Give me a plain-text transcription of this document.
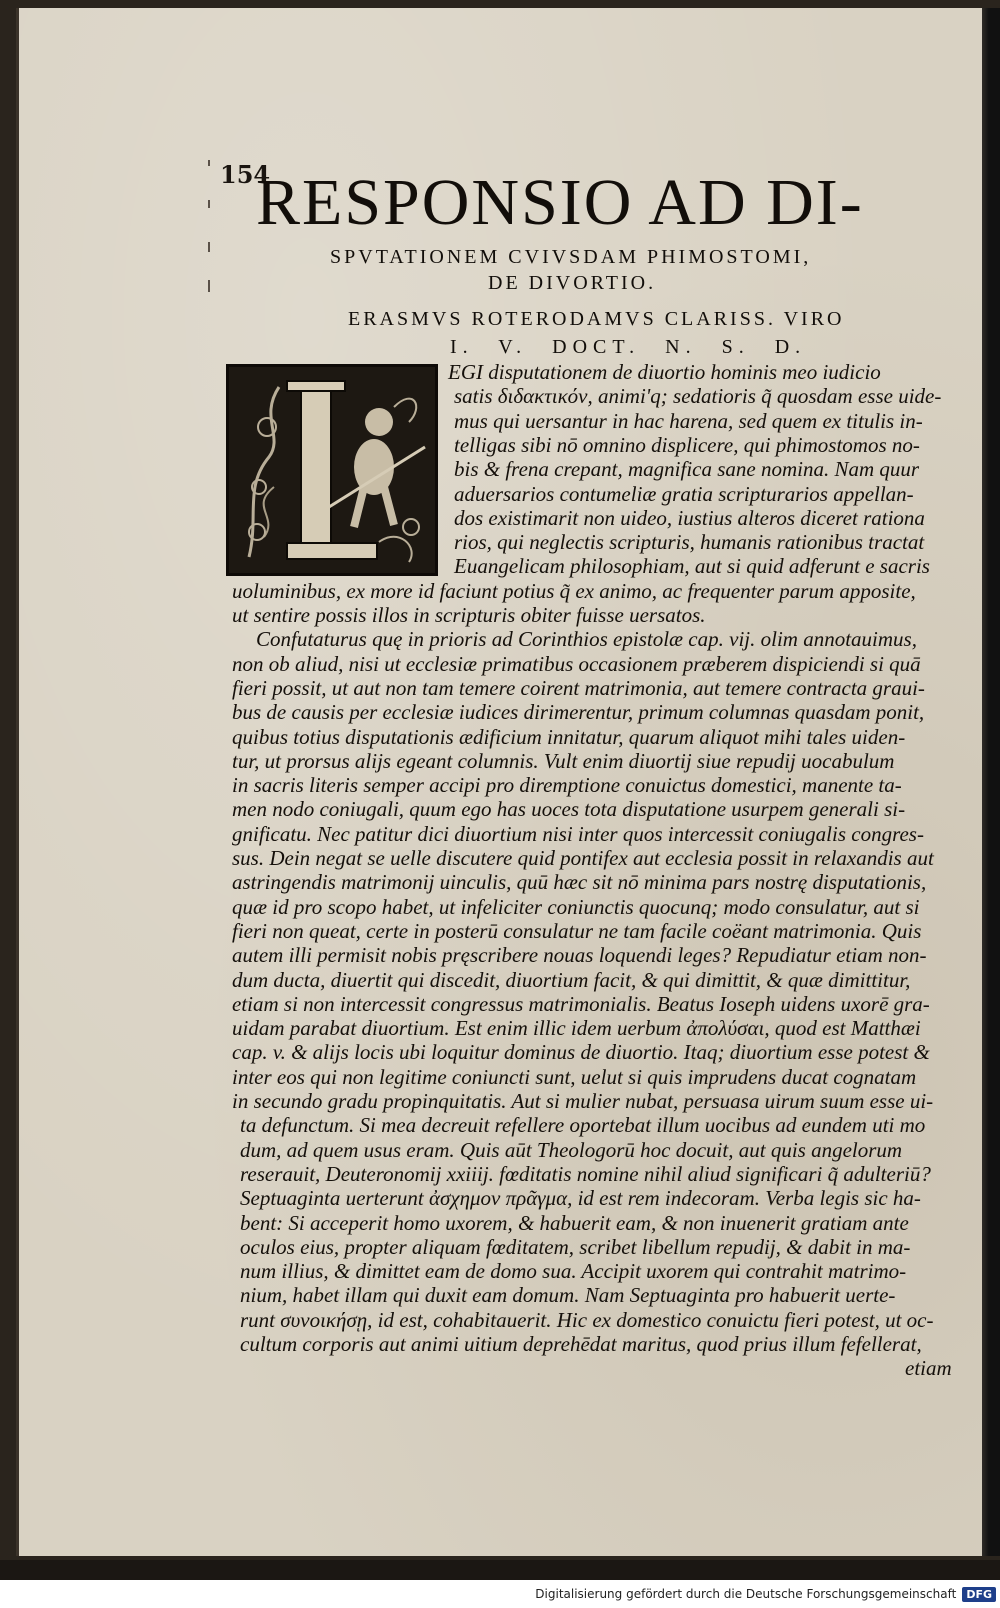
154
RESPONSIO AD DI-
SPVTATIONEM CVIVSDAM PHIMOSTOMI,
DE DIVORTIO.
ERASMVS ROTERODAMVS CLARISS. VIRO
I. V. DOCT. N. S. D.
EGI disputationem de diuortio hominis meo iudicio
satis διδακτικόν, animi'q; sedatioris q̃ quosdam esse uide-
mus qui uersantur in hac harena, sed quem ex titulis in-
telligas sibi nō omnino displicere, qui phimostomos no-
bis & frena crepant, magnifica sane nomina. Nam quur
aduersarios contumeliæ gratia scripturarios appellan-
dos existimarit non uideo, iustius alteros diceret rationa
rios, qui neglectis scripturis, humanis rationibus tractat
Euangelicam philosophiam, aut si quid adferunt e sacris
uoluminibus, ex more id faciunt potius q̃ ex animo, ac frequenter parum apposite,
ut sentire possis illos in scripturis obiter fuisse uersatos.
Confutaturus quę in prioris ad Corinthios epistolæ cap. vij. olim annotauimus,
non ob aliud, nisi ut ecclesiæ primatibus occasionem præberem dispiciendi si quā
fieri possit, ut aut non tam temere coirent matrimonia, aut temere contracta graui-
bus de causis per ecclesiæ iudices dirimerentur, primum columnas quasdam ponit,
quibus totius disputationis ædificium innitatur, quarum aliquot mihi tales uiden-
tur, ut prorsus alijs egeant columnis. Vult enim diuortij siue repudij uocabulum
in sacris literis semper accipi pro diremptione conuictus domestici, manente ta-
men nodo coniugali, quum ego has uoces tota disputatione usurpem generali si-
gnificatu. Nec patitur dici diuortium nisi inter quos intercessit coniugalis congres-
sus. Dein negat se uelle discutere quid pontifex aut ecclesia possit in relaxandis aut
astringendis matrimonij uinculis, quū hæc sit nō minima pars nostrę disputationis,
quæ id pro scopo habet, ut infeliciter coniunctis quocunq; modo consulatur, aut si
fieri non queat, certe in posterū consulatur ne tam facile coëant matrimonia. Quis
autem illi permisit nobis pręscribere nouas loquendi leges? Repudiatur etiam non-
dum ducta, diuertit qui discedit, diuortium facit, & qui dimittit, & quæ dimittitur,
etiam si non intercessit congressus matrimonialis. Beatus Ioseph uidens uxorē gra-
uidam parabat diuortium. Est enim illic idem uerbum ἀπολύσαι, quod est Matthæi
cap. v. & alijs locis ubi loquitur dominus de diuortio. Itaq; diuortium esse potest &
inter eos qui non legitime coniuncti sunt, uelut si quis imprudens ducat cognatam
in secundo gradu propinquitatis. Aut si mulier nubat, persuasa uirum suum esse ui-
ta defunctum. Si mea decreuit refellere oportebat illum uocibus ad eundem uti mo
dum, ad quem usus eram. Quis aūt Theologorū hoc docuit, aut quis angelorum
reserauit, Deuteronomij xxiiij. fœditatis nomine nihil aliud significari q̃ adulteriū?
Septuaginta uerterunt ἀσχημον πρᾶγμα, id est rem indecoram. Verba legis sic ha-
bent: Si acceperit homo uxorem, & habuerit eam, & non inuenerit gratiam ante
oculos eius, propter aliquam fœditatem, scribet libellum repudij, & dabit in ma-
num illius, & dimittet eam de domo sua. Accipit uxorem qui contrahit matrimo-
nium, habet illam qui duxit eam domum. Nam Septuaginta pro habuerit uerte-
runt συνοικήσῃ, id est, cohabitauerit. Hic ex domestico conuictu fieri potest, ut oc-
cultum corporis aut animi uitium deprehēdat maritus, quod prius illum fefellerat,
etiam
Digitalisierung gefördert durch die Deutsche Forschungsgemeinschaft DFG
